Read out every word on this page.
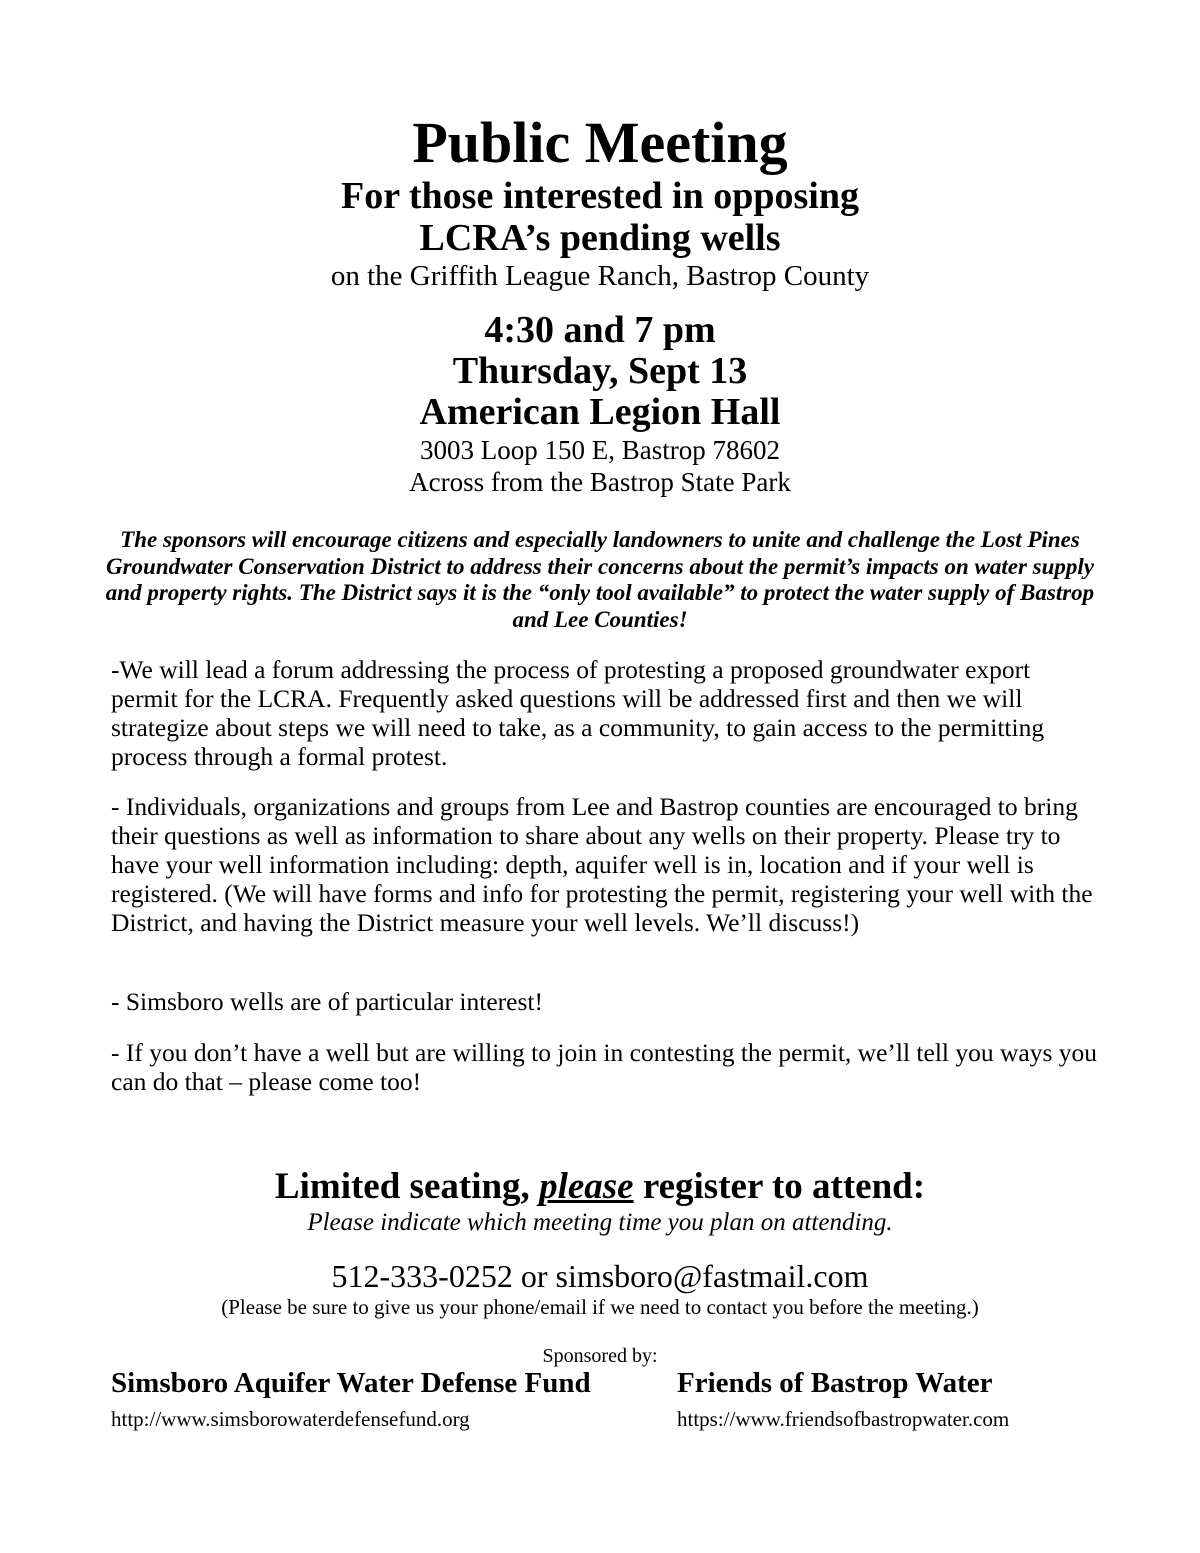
Public Meeting
For those interested in opposing
LCRA’s pending wells
on the Griffith League Ranch, Bastrop County
4:30 and 7 pm
Thursday, Sept 13
American Legion Hall
3003 Loop 150 E, Bastrop 78602
Across from the Bastrop State Park
The sponsors will encourage citizens and especially landowners to unite and challenge the Lost Pines Groundwater Conservation District to address their concerns about the permit’s impacts on water supply and property rights. The District says it is the “only tool available” to protect the water supply of Bastrop and Lee Counties!
-We will lead a forum addressing the process of protesting a proposed groundwater export permit for the LCRA. Frequently asked questions will be addressed first and then we will strategize about steps we will need to take, as a community, to gain access to the permitting process through a formal protest.
- Individuals, organizations and groups from Lee and Bastrop counties are encouraged to bring their questions as well as information to share about any wells on their property. Please try to have your well information including: depth, aquifer well is in, location and if your well is registered. (We will have forms and info for protesting the permit, registering your well with the District, and having the District measure your well levels. We’ll discuss!)
- Simsboro wells are of particular interest!
- If you don’t have a well but are willing to join in contesting the permit, we’ll tell you ways you can do that – please come too!
Limited seating, please register to attend:
Please indicate which meeting time you plan on attending.
512-333-0252 or simsboro@fastmail.com
(Please be sure to give us your phone/email if we need to contact you before the meeting.)
Sponsored by:
Simsboro Aquifer Water Defense Fund
http://www.simsborowaterdefensefund.org
Friends of Bastrop Water
https://www.friendsofbastropwater.com
